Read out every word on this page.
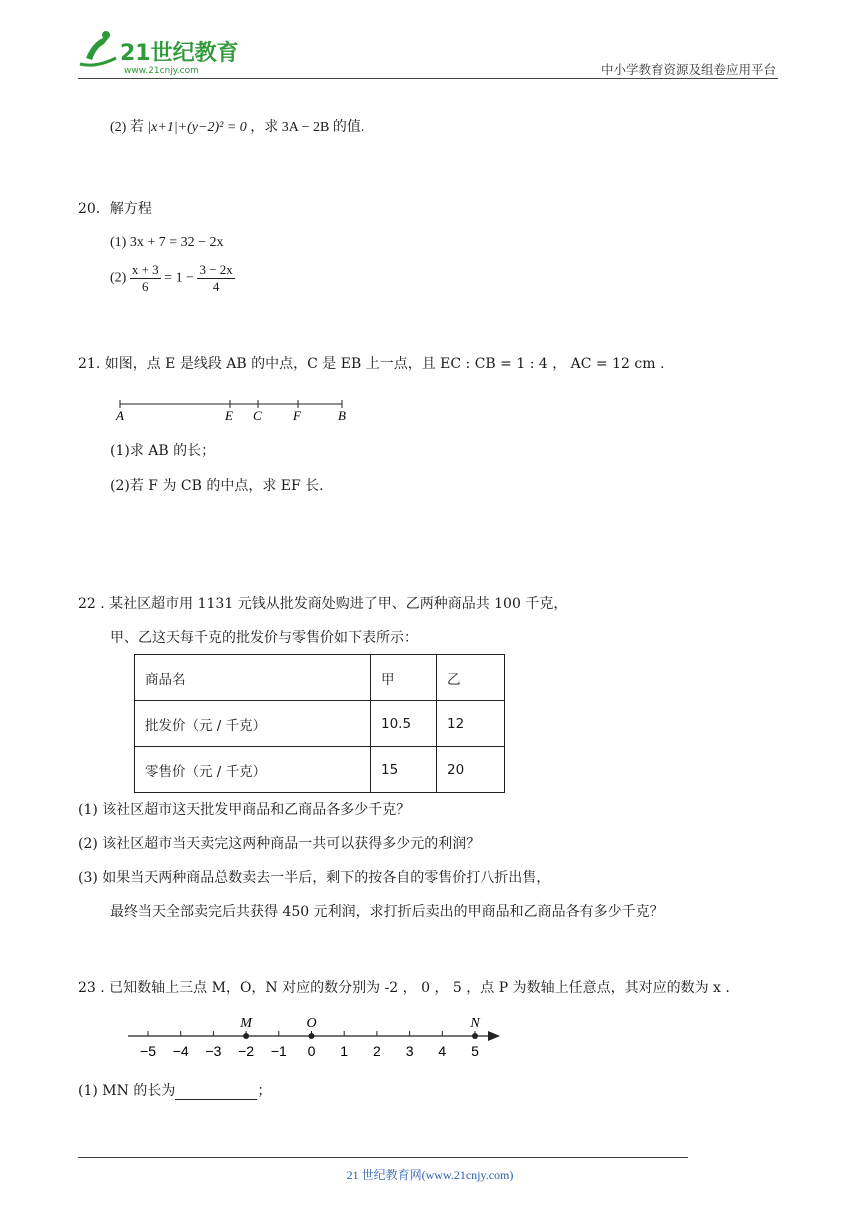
21世纪教育
www.21cnjy.com	中小学教育资源及组卷应用平台
(2) 若 |x+1|+(y−2)² = 0 ，求 3A − 2B 的值.
20．解方程
(1) 3x + 7 = 32 − 2x
$(2) \frac{x + 3}{6} = 1 - \frac{3 - 2x}{4}$
21. 如图，点 E 是线段 AB 的中点，C 是 EB 上一点，且 EC : CB = 1 : 4 ， AC = 12 cm .
A	E C F	B
(1)求 AB 的长；
(2)若 F 为 CB 的中点，求 EF 长.
22 . 某社区超市用 1131 元钱从批发商处购进了甲、乙两种商品共 100 千克，
甲、乙这天每千克的批发价与零售价如下表所示：
商品名	甲	乙
批发价（元 / 千克）	10.5	12
零售价（元 / 千克）	15	20
(1) 该社区超市这天批发甲商品和乙商品各多少千克？
(2) 该社区超市当天卖完这两种商品一共可以获得多少元的利润？
(3) 如果当天两种商品总数卖去一半后，剩下的按各自的零售价打八折出售，
最终当天全部卖完后共获得 450 元利润，求打折后卖出的甲商品和乙商品各有多少千克？
23 . 已知数轴上三点 M，O，N 对应的数分别为 -2 ， 0 ， 5 ，点 P 为数轴上任意点，其对应的数为 x .
−5 −4 −3 −2 −1 0 1 2 3 4 5
M	O	N
(1) MN 的长为	；
21 世纪教育网(www.21cnjy.com)
